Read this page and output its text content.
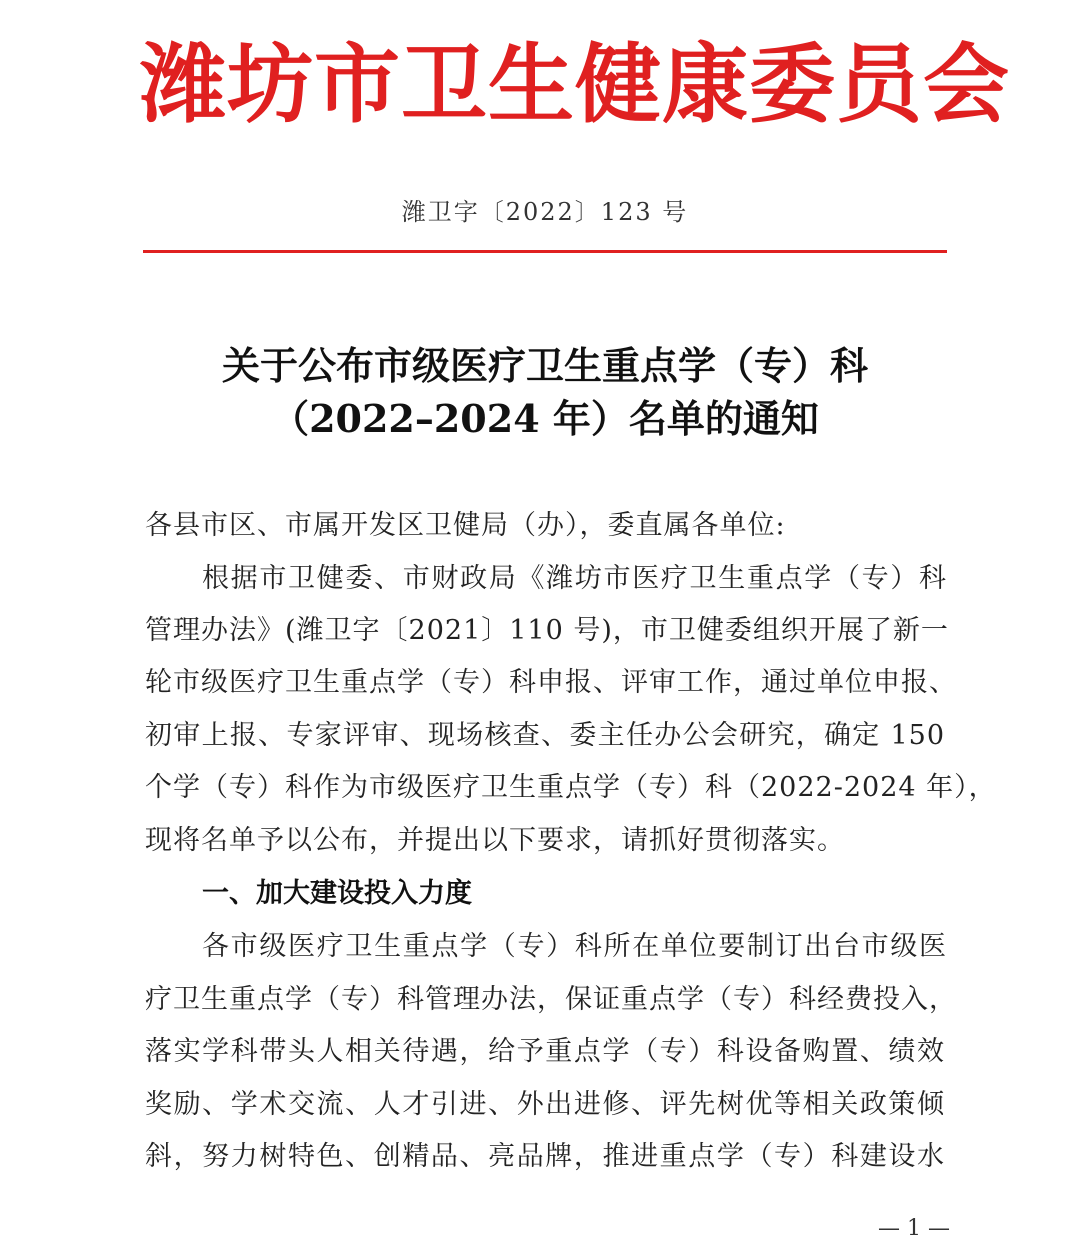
潍坊市卫生健康委员会
潍卫字〔2022〕123 号
关于公布市级医疗卫生重点学（专）科
（2022–2024 年）名单的通知
各县市区、市属开发区卫健局（办），委直属各单位:
根据市卫健委、市财政局《潍坊市医疗卫生重点学（专）科
管理办法》(潍卫字〔2021〕110 号)，市卫健委组织开展了新一
轮市级医疗卫生重点学（专）科申报、评审工作，通过单位申报、
初审上报、专家评审、现场核查、委主任办公会研究，确定 150
个学（专）科作为市级医疗卫生重点学（专）科（2022-2024 年），
现将名单予以公布，并提出以下要求，请抓好贯彻落实。
一、加大建设投入力度
各市级医疗卫生重点学（专）科所在单位要制订出台市级医
疗卫生重点学（专）科管理办法，保证重点学（专）科经费投入，
落实学科带头人相关待遇，给予重点学（专）科设备购置、绩效
奖励、学术交流、人才引进、外出进修、评先树优等相关政策倾
斜，努力树特色、创精品、亮品牌，推进重点学（专）科建设水
— 1 —
